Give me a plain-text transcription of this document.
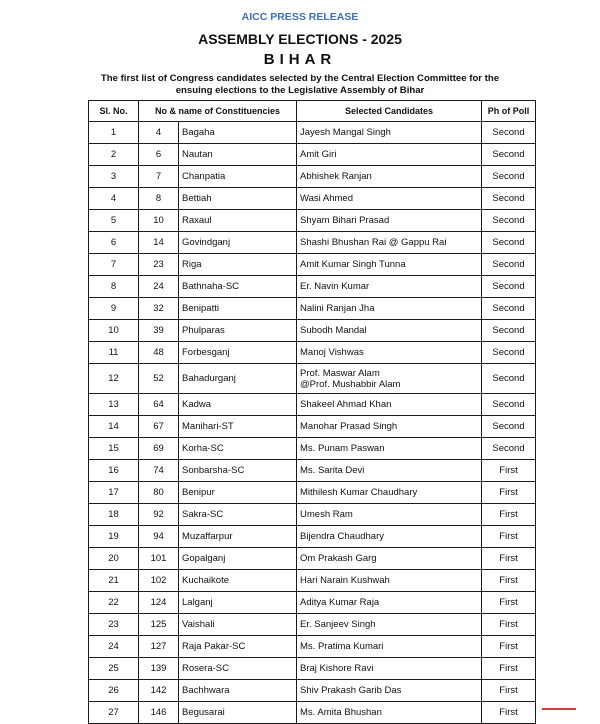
AICC PRESS RELEASE
ASSEMBLY ELECTIONS - 2025
BIHAR
The first list of Congress candidates selected by the Central Election Committee for the
ensuing elections to the Legislative Assembly of Bihar
Sl. No.	No & name of Constituencies		Selected Candidates	Ph of Poll
1	4	Bagaha	Jayesh Mangal Singh	Second
2	6	Nautan	Amit Giri	Second
3	7	Chanpatia	Abhishek Ranjan	Second
4	8	Bettiah	Wasi Ahmed	Second
5	10	Raxaul	Shyam Bihari Prasad	Second
6	14	Govindganj	Shashi Bhushan Rai @ Gappu Rai	Second
7	23	Riga	Amit Kumar Singh Tunna	Second
8	24	Bathnaha-SC	Er. Navin Kumar	Second
9	32	Benipatti	Nalini Ranjan Jha	Second
10	39	Phulparas	Subodh Mandal	Second
11	48	Forbesganj	Manoj Vishwas	Second
12	52	Bahadurganj	Prof. Maswar Alam
@Prof. Mushabbir Alam	Second
13	64	Kadwa	Shakeel Ahmad Khan	Second
14	67	Manihari-ST	Manohar Prasad Singh	Second
15	69	Korha-SC	Ms. Punam Paswan	Second
16	74	Sonbarsha-SC	Ms. Sarita Devi	First
17	80	Benipur	Mithilesh Kumar Chaudhary	First
18	92	Sakra-SC	Umesh Ram	First
19	94	Muzaffarpur	Bijendra Chaudhary	First
20	101	Gopalganj	Om Prakash Garg	First
21	102	Kuchaikote	Hari Narain Kushwah	First
22	124	Lalganj	Aditya Kumar Raja	First
23	125	Vaishali	Er. Sanjeev Singh	First
24	127	Raja Pakar-SC	Ms. Pratima Kumari	First
25	139	Rosera-SC	Braj Kishore Ravi	First
26	142	Bachhwara	Shiv Prakash Garib Das	First
27	146	Begusarai	Ms. Amita Bhushan	First
